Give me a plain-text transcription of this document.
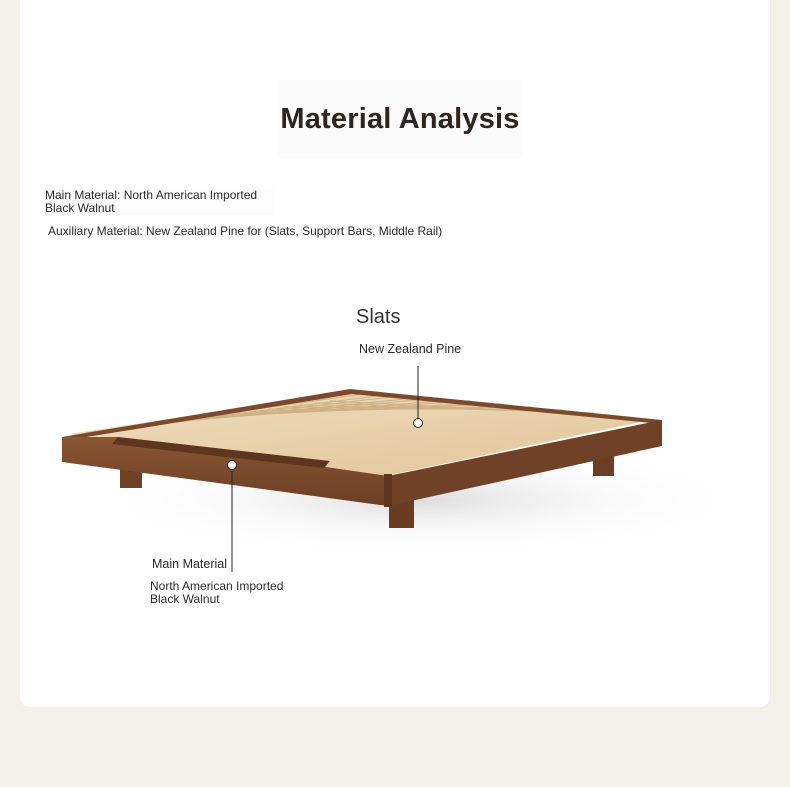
Material Analysis
Main Material: North American Imported Black Walnut
Auxiliary Material: New Zealand Pine for (Slats, Support Bars, Middle Rail)
Slats
New Zealand Pine
Main Material
North American Imported Black Walnut
